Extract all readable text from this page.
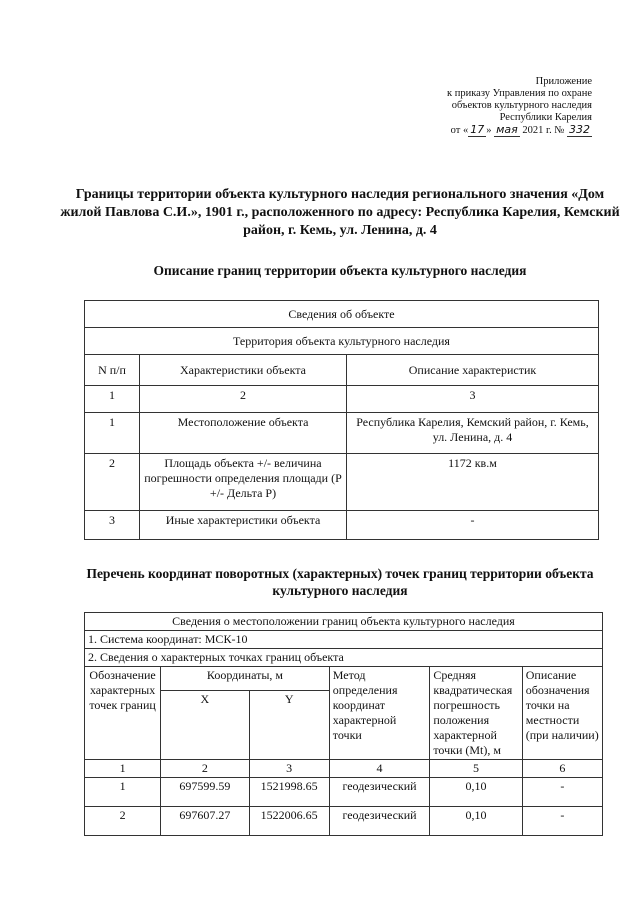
Приложение
к приказу Управления по охране
объектов культурного наследия
Республики Карелия
от « 17 » мая 2021 г. № 332
Границы территории объекта культурного наследия регионального значения «Дом жилой Павлова С.И.», 1901 г., расположенного по адресу: Республика Карелия, Кемский район, г. Кемь, ул. Ленина, д. 4
Описание границ территории объекта культурного наследия
Сведения об объекте		
Территория объекта культурного наследия		
N п/п	Характеристики объекта	Описание характеристик
1	2	3
1	Местоположение объекта	Республика Карелия, Кемский район, г. Кемь, ул. Ленина, д. 4
2	Площадь объекта +/- величина погрешности определения площади (Р +/- Дельта Р)	1172 кв.м
3	Иные характеристики объекта	-
Перечень координат поворотных (характерных) точек границ территории объекта культурного наследия
Сведения о местоположении границ объекта культурного наследия					
1. Система координат: МСК-10					
2. Сведения о характерных точках границ объекта					
Обозначение характерных точек границ	Координаты, м		Метод определения координат характерной точки	Средняя квадратическая погрешность положения характерной точки (Mt), м	Описание обозначения точки на местности (при наличии)
	X	Y			
1	2	3	4	5	6
1	697599.59	1521998.65	геодезический	0,10	-
2	697607.27	1522006.65	геодезический	0,10	-
